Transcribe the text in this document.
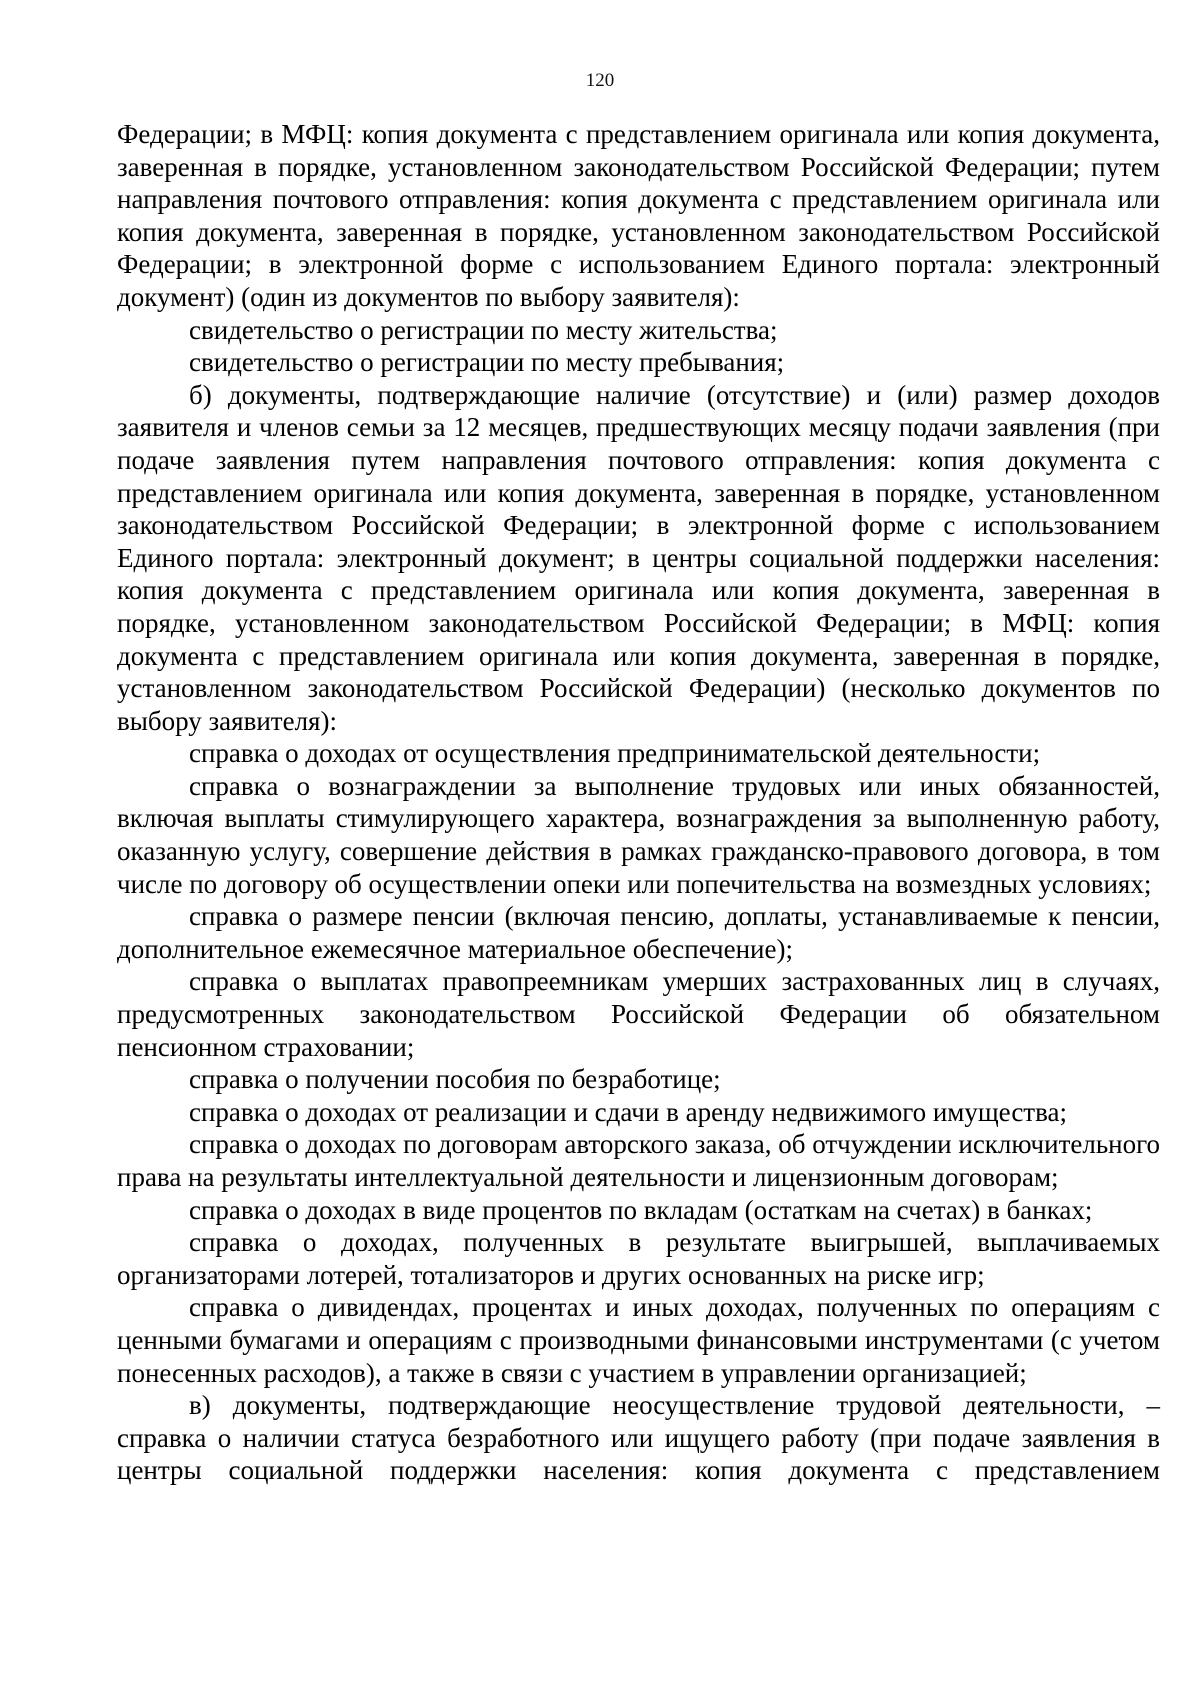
120

Федерации; в МФЦ: копия документа с представлением оригинала или копия документа, заверенная в порядке, установленном законодательством Российской Федерации; путем направления почтового отправления: копия документа с представлением оригинала или копия документа, заверенная в порядке, установленном законодательством Российской Федерации; в электронной форме с использованием Единого портала: электронный документ) (один из документов по выбору заявителя):

свидетельство о регистрации по месту жительства;

свидетельство о регистрации по месту пребывания;

б) документы, подтверждающие наличие (отсутствие) и (или) размер доходов заявителя и членов семьи за 12 месяцев, предшествующих месяцу подачи заявления (при подаче заявления путем направления почтового отправления: копия документа с представлением оригинала или копия документа, заверенная в порядке, установленном законодательством Российской Федерации; в электронной форме с использованием Единого портала: электронный документ; в центры социальной поддержки населения: копия документа с представлением оригинала или копия документа, заверенная в порядке, установленном законодательством Российской Федерации; в МФЦ: копия документа с представлением оригинала или копия документа, заверенная в порядке, установленном законодательством Российской Федерации) (несколько документов по выбору заявителя):

справка о доходах от осуществления предпринимательской деятельности;

справка о вознаграждении за выполнение трудовых или иных обязанностей, включая выплаты стимулирующего характера, вознаграждения за выполненную работу, оказанную услугу, совершение действия в рамках гражданско-правового договора, в том числе по договору об осуществлении опеки или попечительства на возмездных условиях;

справка о размере пенсии (включая пенсию, доплаты, устанавливаемые к пенсии, дополнительное ежемесячное материальное обеспечение);

справка о выплатах правопреемникам умерших застрахованных лиц в случаях, предусмотренных законодательством Российской Федерации об обязательном пенсионном страховании;

справка о получении пособия по безработице;

справка о доходах от реализации и сдачи в аренду недвижимого имущества;

справка о доходах по договорам авторского заказа, об отчуждении исключительного права на результаты интеллектуальной деятельности и лицензионным договорам;

справка о доходах в виде процентов по вкладам (остаткам на счетах) в банках;

справка о доходах, полученных в результате выигрышей, выплачиваемых организаторами лотерей, тотализаторов и других основанных на риске игр;

справка о дивидендах, процентах и иных доходах, полученных по операциям с ценными бумагами и операциям с производными финансовыми инструментами (с учетом понесенных расходов), а также в связи с участием в управлении организацией;

в) документы, подтверждающие неосуществление трудовой деятельности, – справка о наличии статуса безработного или ищущего работу (при подаче заявления в центры социальной поддержки населения: копия документа с представлением
